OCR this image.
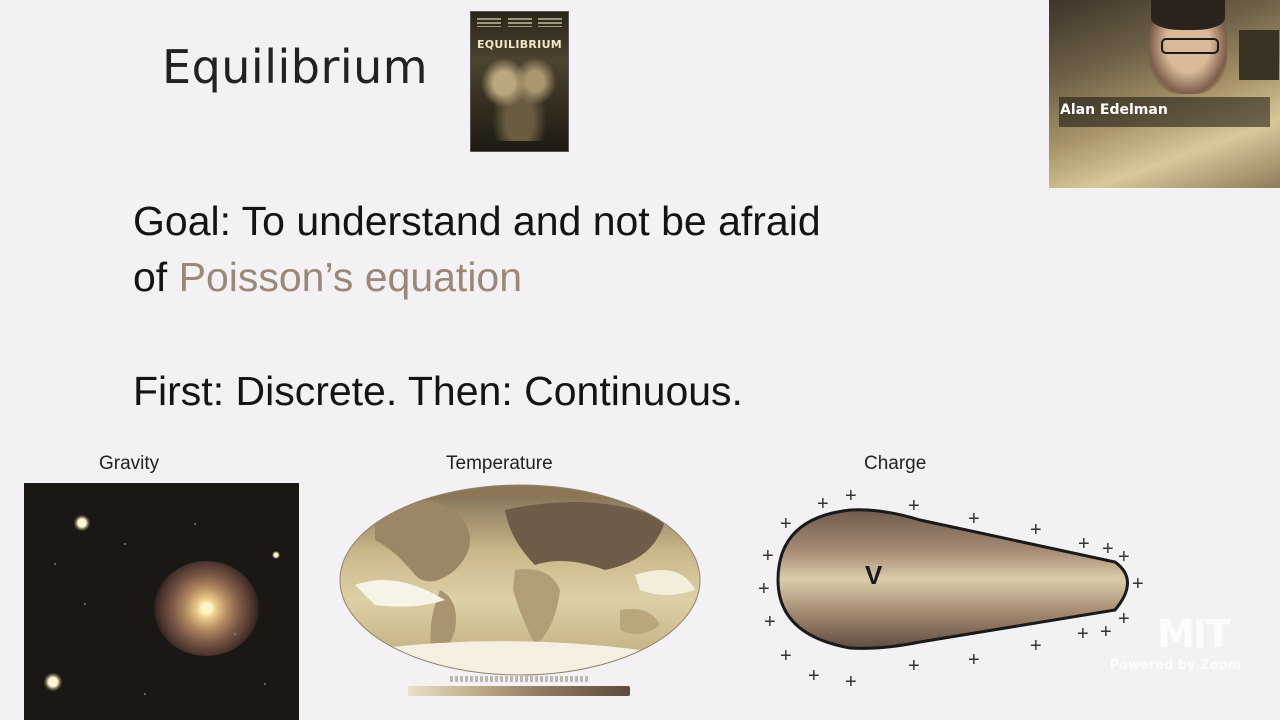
Equilibrium	EQUILIBRIUM
Goal: To understand and not be afraid
of Poisson’s equation
First: Discrete. Then: Continuous.
Gravity	Temperature	Charge
V
+
+
+
+
+
+
+
+ +
+
+	+
+ + +
+
+
+
+
+
+
+
Alan Edelman
MIT
Powered by Zoom
